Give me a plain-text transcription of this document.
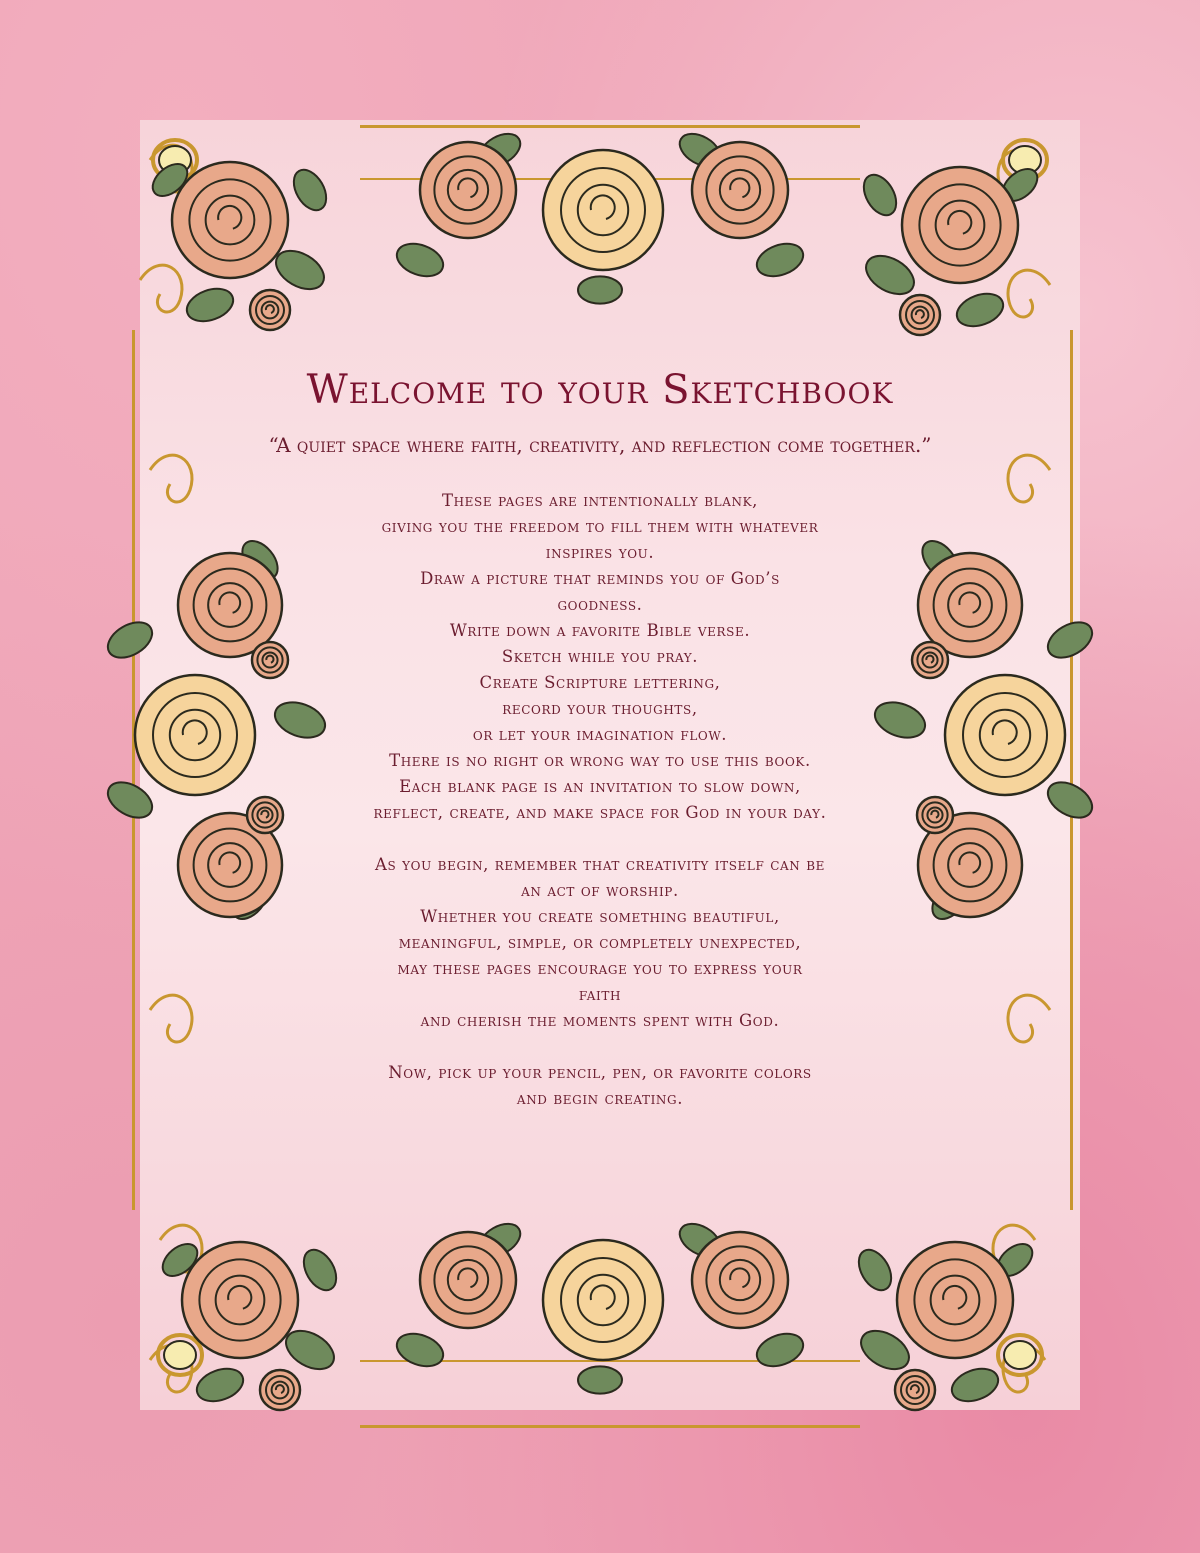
Welcome to your Sketchbook

“A quiet space where faith, creativity, and reflection come together.”

These pages are intentionally blank,
giving you the freedom to fill them with whatever
inspires you.
Draw a picture that reminds you of God’s
goodness.
Write down a favorite Bible verse.
Sketch while you pray.
Create Scripture lettering,
record your thoughts,
or let your imagination flow.
There is no right or wrong way to use this book.
Each blank page is an invitation to slow down,
reflect, create, and make space for God in your day.

As you begin, remember that creativity itself can be
an act of worship.
Whether you create something beautiful,
meaningful, simple, or completely unexpected,
may these pages encourage you to express your
faith
and cherish the moments spent with God.

Now, pick up your pencil, pen, or favorite colors
and begin creating.
